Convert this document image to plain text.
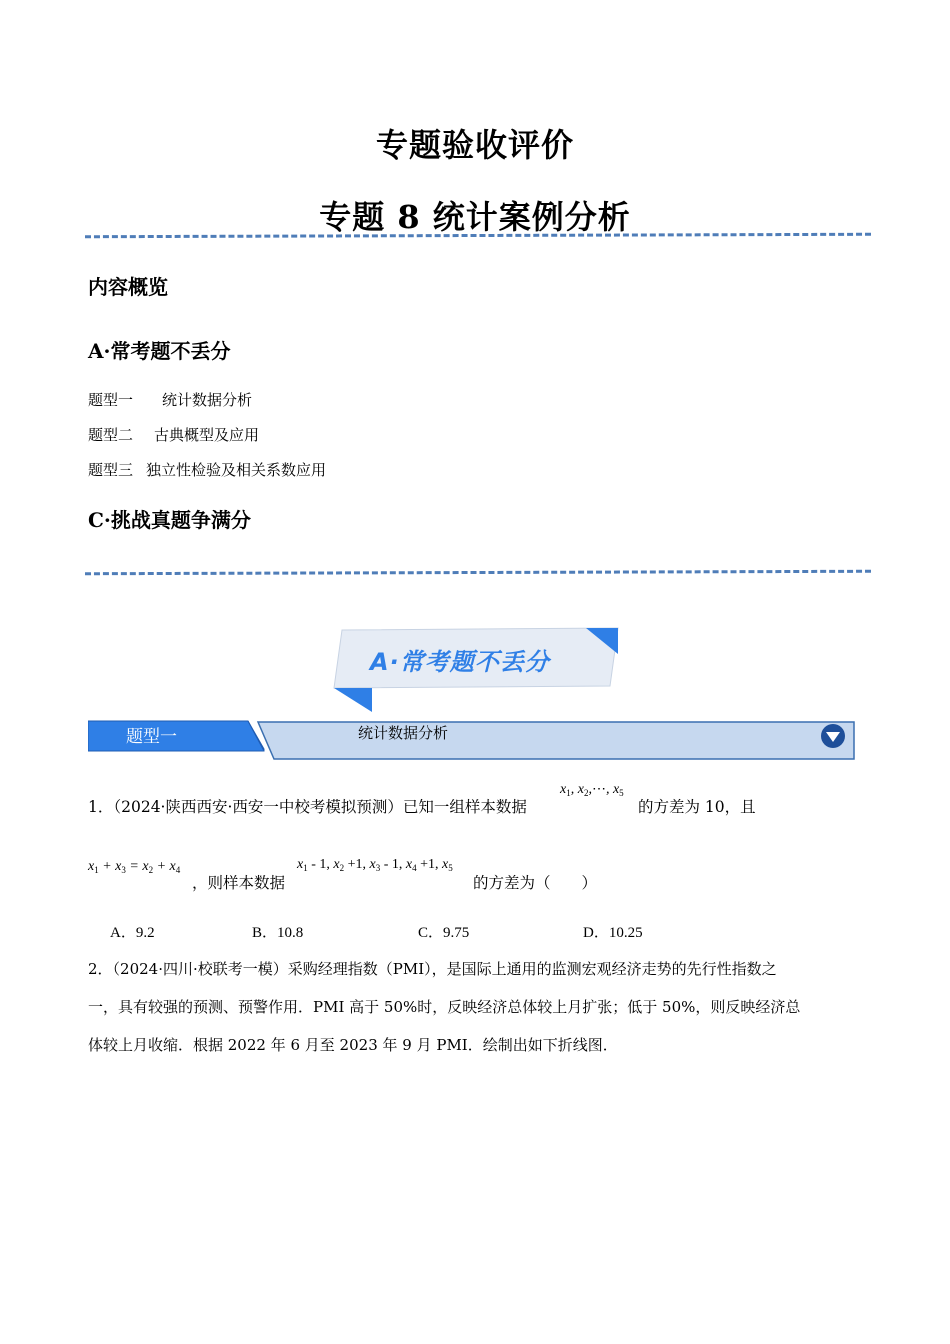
专题验收评价
专题 8 统计案例分析
内容概览
A·常考题不丢分
题型一 统计数据分析
题型二 古典概型及应用
题型三 独立性检验及相关系数应用
C·挑战真题争满分
A·常考题不丢分
题型一	统计数据分析
1．（2024·陕西西安·西安一中校考模拟预测）已知一组样本数据
$x_1$, $x_2,\cdots$, $x_5$
的方差为 10，且
$x_1 + x_3 = x_2 + x_4$
，则样本数据
$x_1 - 1$, $x_2 +1$, $x_3 - 1$, $x_4 +1$, $x_5$
的方差为（　　）
A．9.2	B．10.8	C．9.75	D．10.25
2．（2024·四川·校联考一模）采购经理指数（PMI），是国际上通用的监测宏观经济走势的先行性指数之
一，具有较强的预测、预警作用．PMI 高于 50%时，反映经济总体较上月扩张；低于 50%，则反映经济总
体较上月收缩．根据 2022 年 6 月至 2023 年 9 月 PMI．绘制出如下折线图．
